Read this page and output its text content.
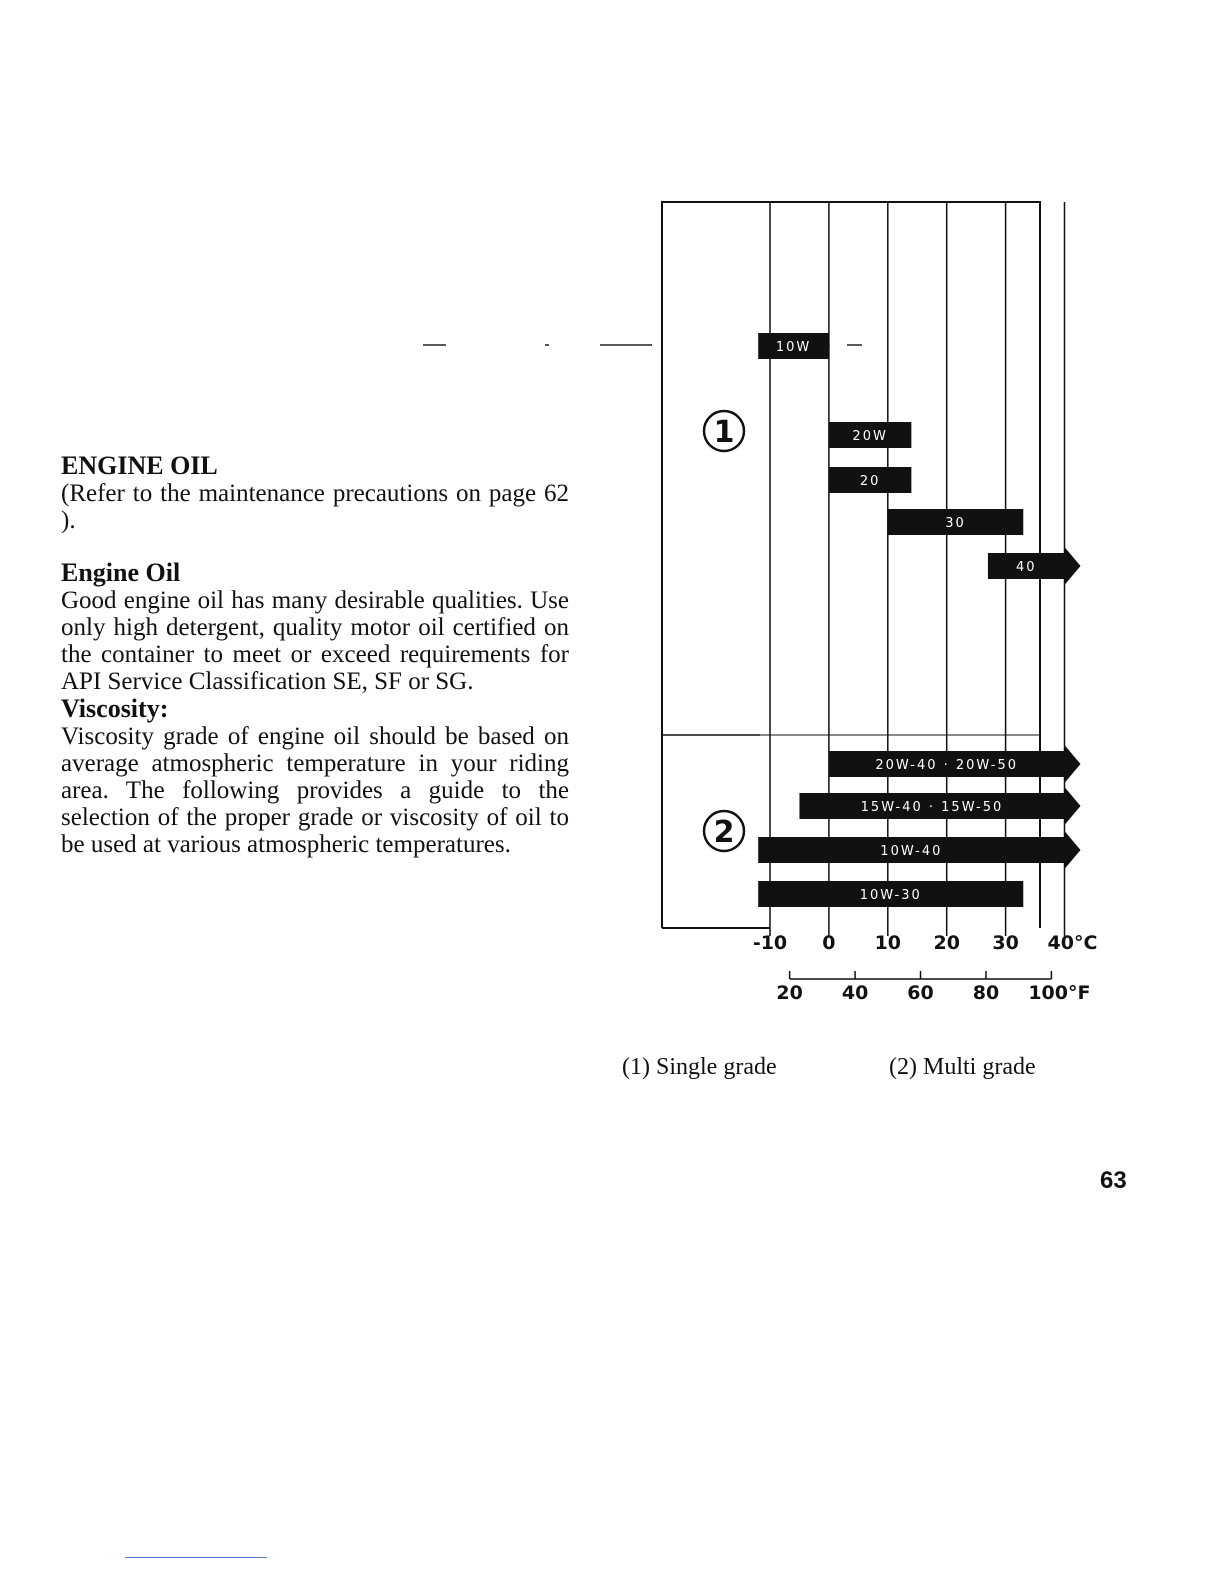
ENGINE OIL

(Refer to the maintenance precautions on page 62 ).

Engine Oil

Good engine oil has many desirable qualities. Use only high detergent, quality motor oil certified on the container to meet or exceed requirements for API Service Classification SE, SF or SG.

Viscosity:

Viscosity grade of engine oil should be based on average atmospheric temperature in your riding area. The following provides a guide to the selection of the proper grade or viscosity of oil to be used at various atmospheric temperatures.

1
2
10W
20W
20
30
40
20W-40 · 20W-50
15W-40 · 15W-50
10W-40
10W-30
-10 0 10 20 30 40°C
20 40 60 80 100°F
(1) Single grade	(2) Multi grade
63
